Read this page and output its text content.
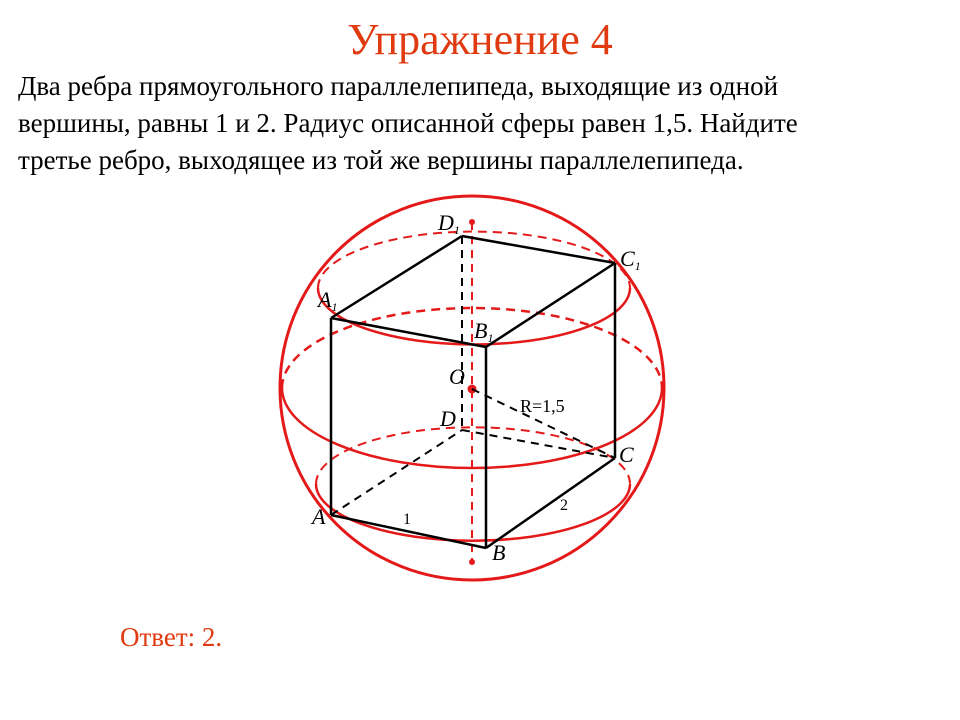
Упражнение 4
Два ребра прямоугольного параллелепипеда, выходящие из одной
вершины, равны 1 и 2. Радиус описанной сферы равен 1,5. Найдите
третье ребро, выходящее из той же вершины параллелепипеда.
D1
C1
A1
B1
O
D
C
A
B
R=1,5
1
2
Ответ: 2.
